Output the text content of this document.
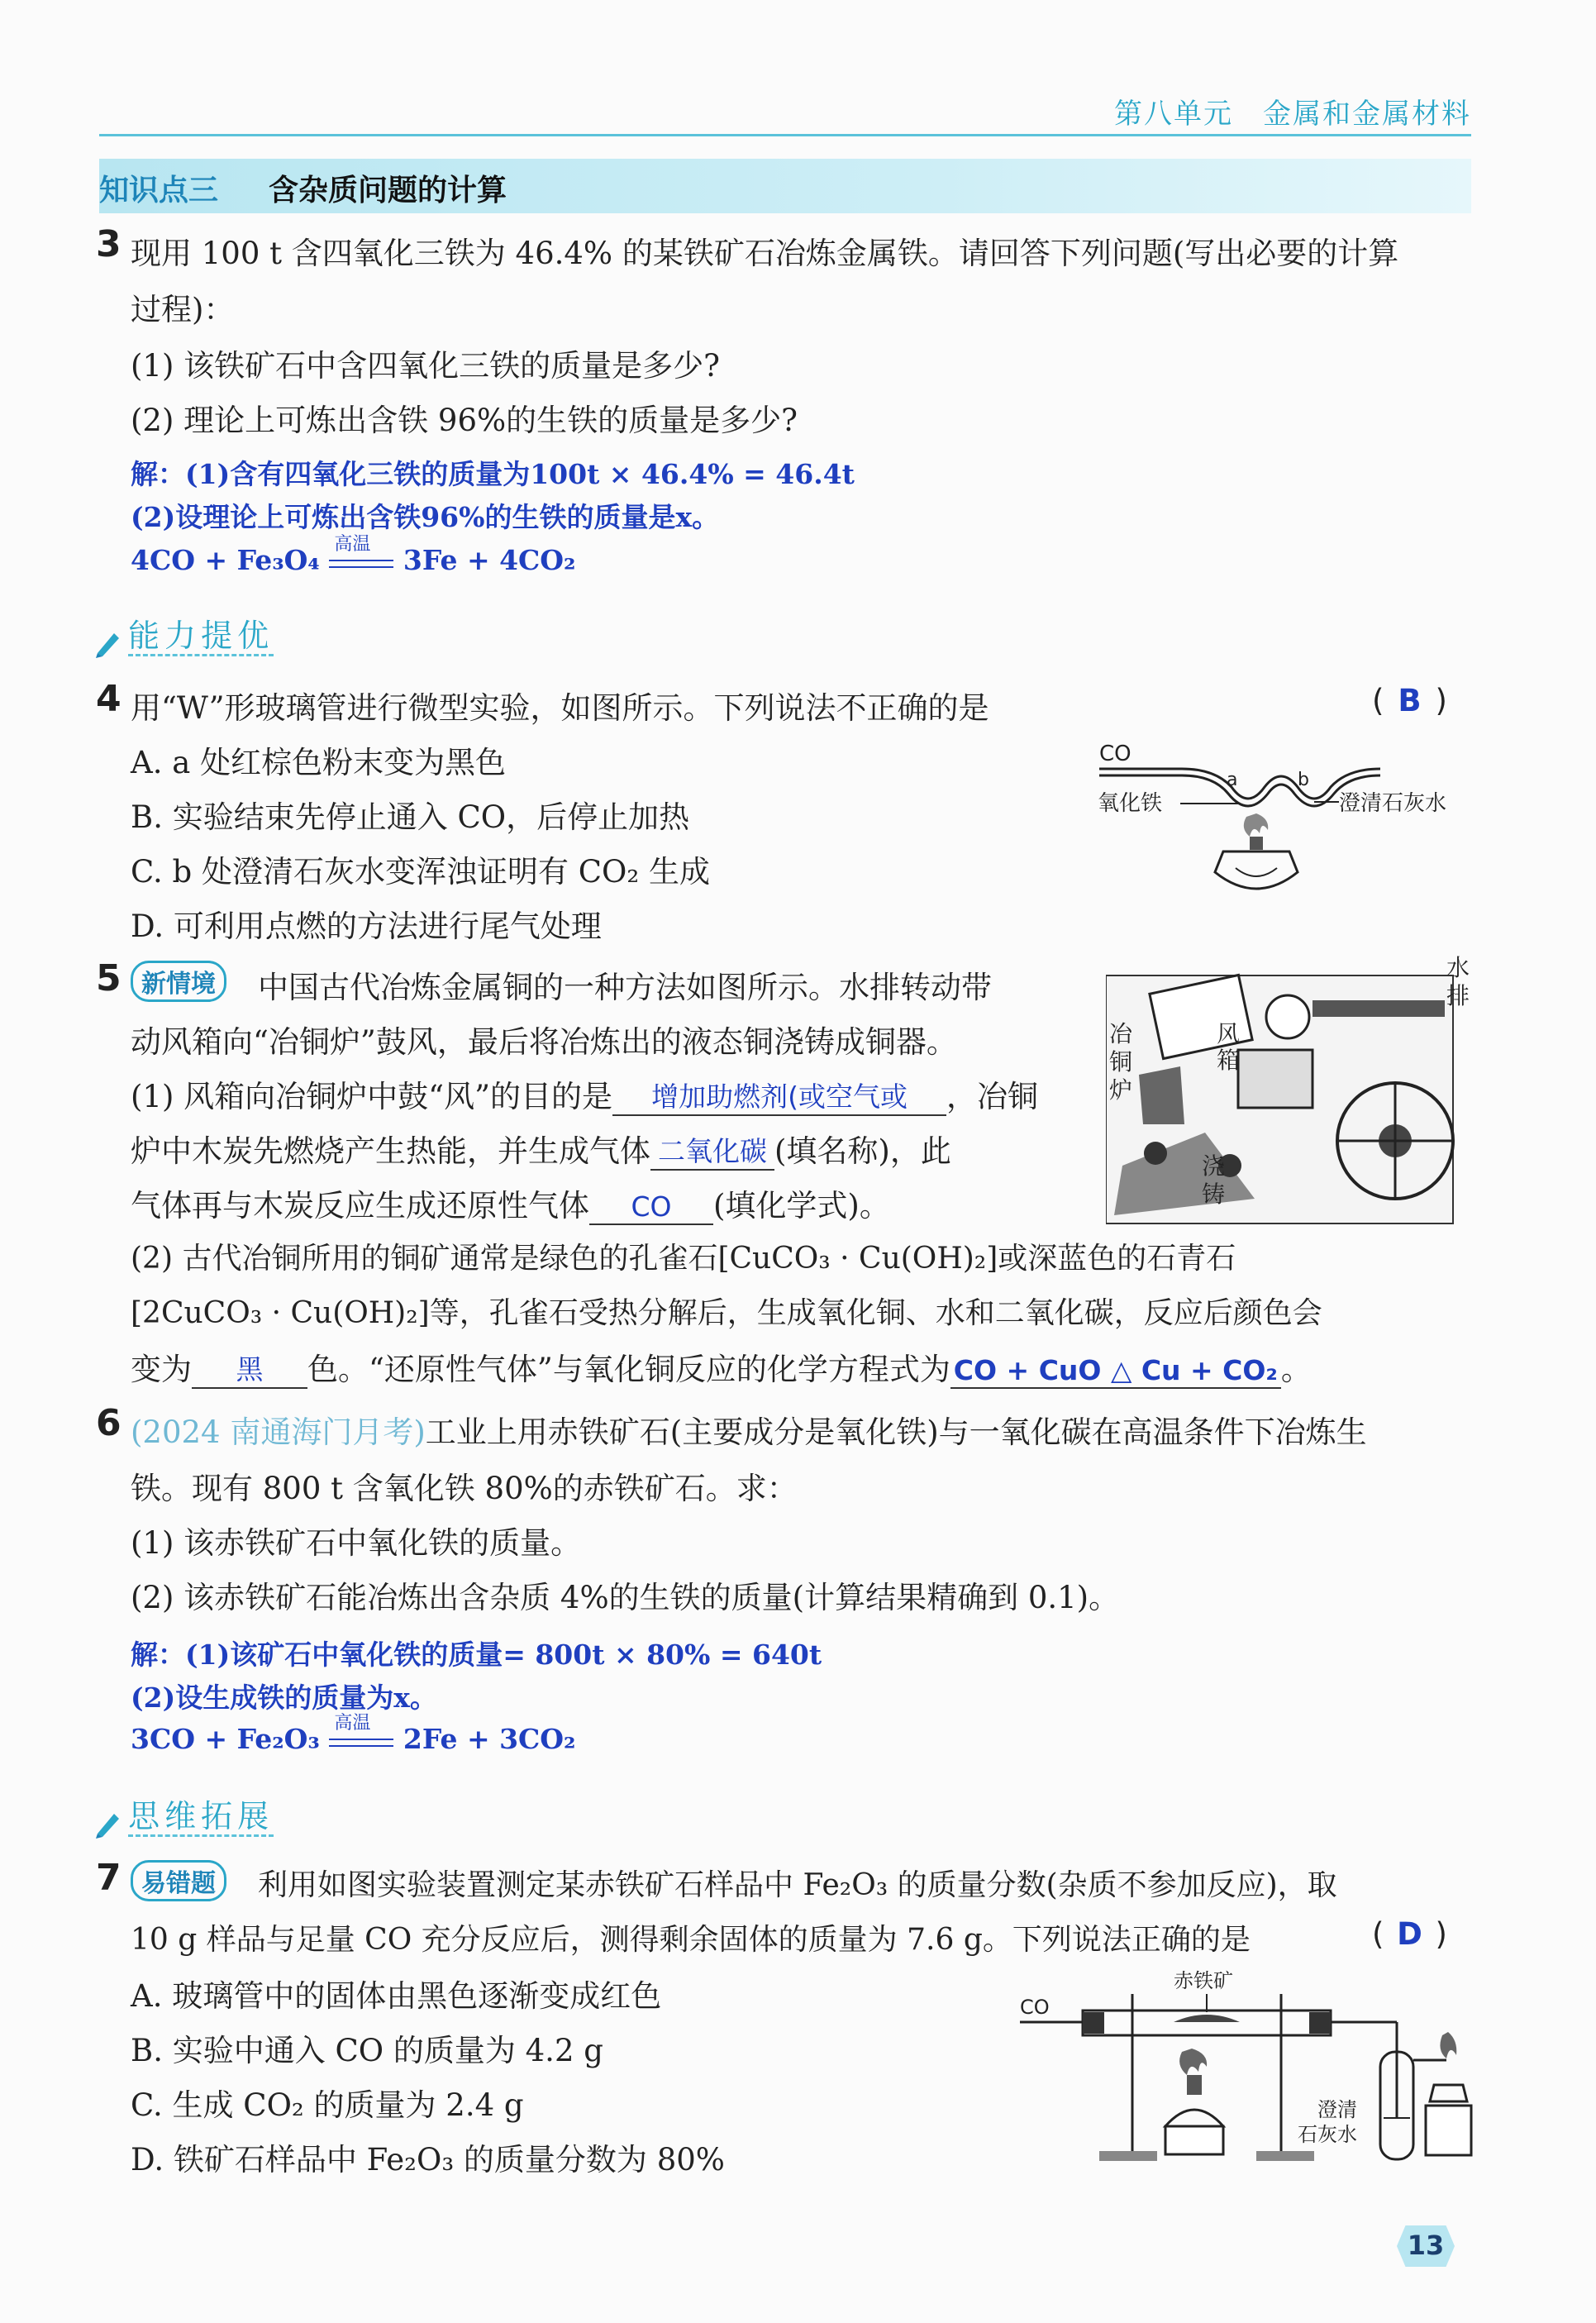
第八单元　金属和金属材料
知识点三 含杂质问题的计算
3 现用 100 t 含四氧化三铁为 46.4% 的某铁矿石冶炼金属铁。请回答下列问题(写出必要的计算
过程)：
(1) 该铁矿石中含四氧化三铁的质量是多少?
(2) 理论上可炼出含铁 96%的生铁的质量是多少?
解：(1)含有四氧化三铁的质量为100t × 46.4% = 46.4t
(2)设理论上可炼出含铁96%的生铁的质量是x。
4CO + Fe₃O₄ 高温 3Fe + 4CO₂
能力提优
4 用“W”形玻璃管进行微型实验，如图所示。下列说法不正确的是	( B )
A. a 处红棕色粉末变为黑色
B. 实验结束先停止通入 CO，后停止加热
C. b 处澄清石灰水变浑浊证明有 CO₂ 生成
D. 可利用点燃的方法进行尾气处理
CO
氧化铁
a	b
澄清石灰水
5 新情境	中国古代冶炼金属铜的一种方法如图所示。水排转动带
动风箱向“冶铜炉”鼓风，最后将冶炼出的液态铜浇铸成铜器。
(1) 风箱向冶铜炉中鼓“风”的目的是 增加助燃剂(或空气或 ，冶铜
炉中木炭先燃烧产生热能，并生成气体 二氧化碳 (填名称)，此
气体再与木炭反应生成还原性气体 CO (填化学式)。
(2) 古代冶铜所用的铜矿通常是绿色的孔雀石[CuCO₃ · Cu(OH)₂]或深蓝色的石青石
[2CuCO₃ · Cu(OH)₂]等，孔雀石受热分解后，生成氧化铜、水和二氧化碳，反应后颜色会
变为 黑 色。“还原性气体”与氧化铜反应的化学方程式为 CO + CuO △ Cu + CO₂ 。
水
排
风
箱
冶
铜
炉
浇
铸
6 (2024 南通海门月考)工业上用赤铁矿石(主要成分是氧化铁)与一氧化碳在高温条件下冶炼生
铁。现有 800 t 含氧化铁 80%的赤铁矿石。求：
(1) 该赤铁矿石中氧化铁的质量。
(2) 该赤铁矿石能冶炼出含杂质 4%的生铁的质量(计算结果精确到 0.1)。
解：(1)该矿石中氧化铁的质量= 800t × 80% = 640t
(2)设生成铁的质量为x。
3CO + Fe₂O₃ 高温 2Fe + 3CO₂
思维拓展
7 易错题	利用如图实验装置测定某赤铁矿石样品中 Fe₂O₃ 的质量分数(杂质不参加反应)，取
10 g 样品与足量 CO 充分反应后，测得剩余固体的质量为 7.6 g。下列说法正确的是	( D )
A. 玻璃管中的固体由黑色逐渐变成红色
B. 实验中通入 CO 的质量为 4.2 g
C. 生成 CO₂ 的质量为 2.4 g
D. 铁矿石样品中 Fe₂O₃ 的质量分数为 80%
CO
赤铁矿
澄清
石灰水
13
